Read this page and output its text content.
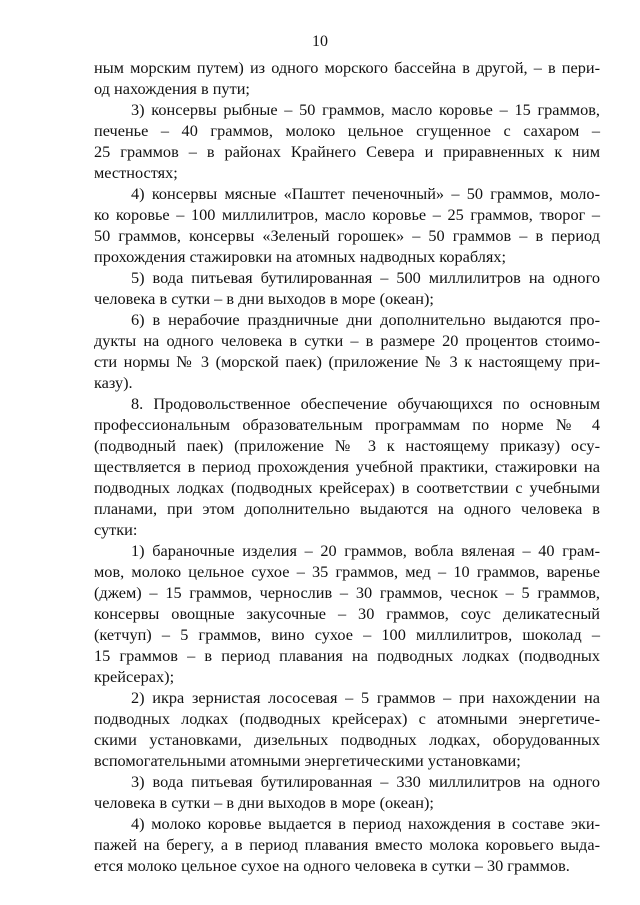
10
ным морским путем) из одного морского бассейна в другой, – в пери-
од нахождения в пути;
3) консервы рыбные – 50 граммов, масло коровье – 15 граммов,
печенье – 40 граммов, молоко цельное сгущенное с сахаром –
25 граммов – в районах Крайнего Севера и приравненных к ним
местностях;
4) консервы мясные «Паштет печеночный» – 50 граммов, моло-
ко коровье – 100 миллилитров, масло коровье – 25 граммов, творог –
50 граммов, консервы «Зеленый горошек» – 50 граммов – в период
прохождения стажировки на атомных надводных кораблях;
5) вода питьевая бутилированная – 500 миллилитров на одного
человека в сутки – в дни выходов в море (океан);
6) в нерабочие праздничные дни дополнительно выдаются про-
дукты на одного человека в сутки – в размере 20 процентов стоимо-
сти нормы № 3 (морской паек) (приложение № 3 к настоящему при-
казу).
8. Продовольственное обеспечение обучающихся по основным
профессиональным образовательным программам по норме № 4
(подводный паек) (приложение № 3 к настоящему приказу) осу-
ществляется в период прохождения учебной практики, стажировки на
подводных лодках (подводных крейсерах) в соответствии с учебными
планами, при этом дополнительно выдаются на одного человека в
сутки:
1) бараночные изделия – 20 граммов, вобла вяленая – 40 грам-
мов, молоко цельное сухое – 35 граммов, мед – 10 граммов, варенье
(джем) – 15 граммов, чернослив – 30 граммов, чеснок – 5 граммов,
консервы овощные закусочные – 30 граммов, соус деликатесный
(кетчуп) – 5 граммов, вино сухое – 100 миллилитров, шоколад –
15 граммов – в период плавания на подводных лодках (подводных
крейсерах);
2) икра зернистая лососевая – 5 граммов – при нахождении на
подводных лодках (подводных крейсерах) с атомными энергетиче-
скими установками, дизельных подводных лодках, оборудованных
вспомогательными атомными энергетическими установками;
3) вода питьевая бутилированная – 330 миллилитров на одного
человека в сутки – в дни выходов в море (океан);
4) молоко коровье выдается в период нахождения в составе эки-
пажей на берегу, а в период плавания вместо молока коровьего выда-
ется молоко цельное сухое на одного человека в сутки – 30 граммов.
